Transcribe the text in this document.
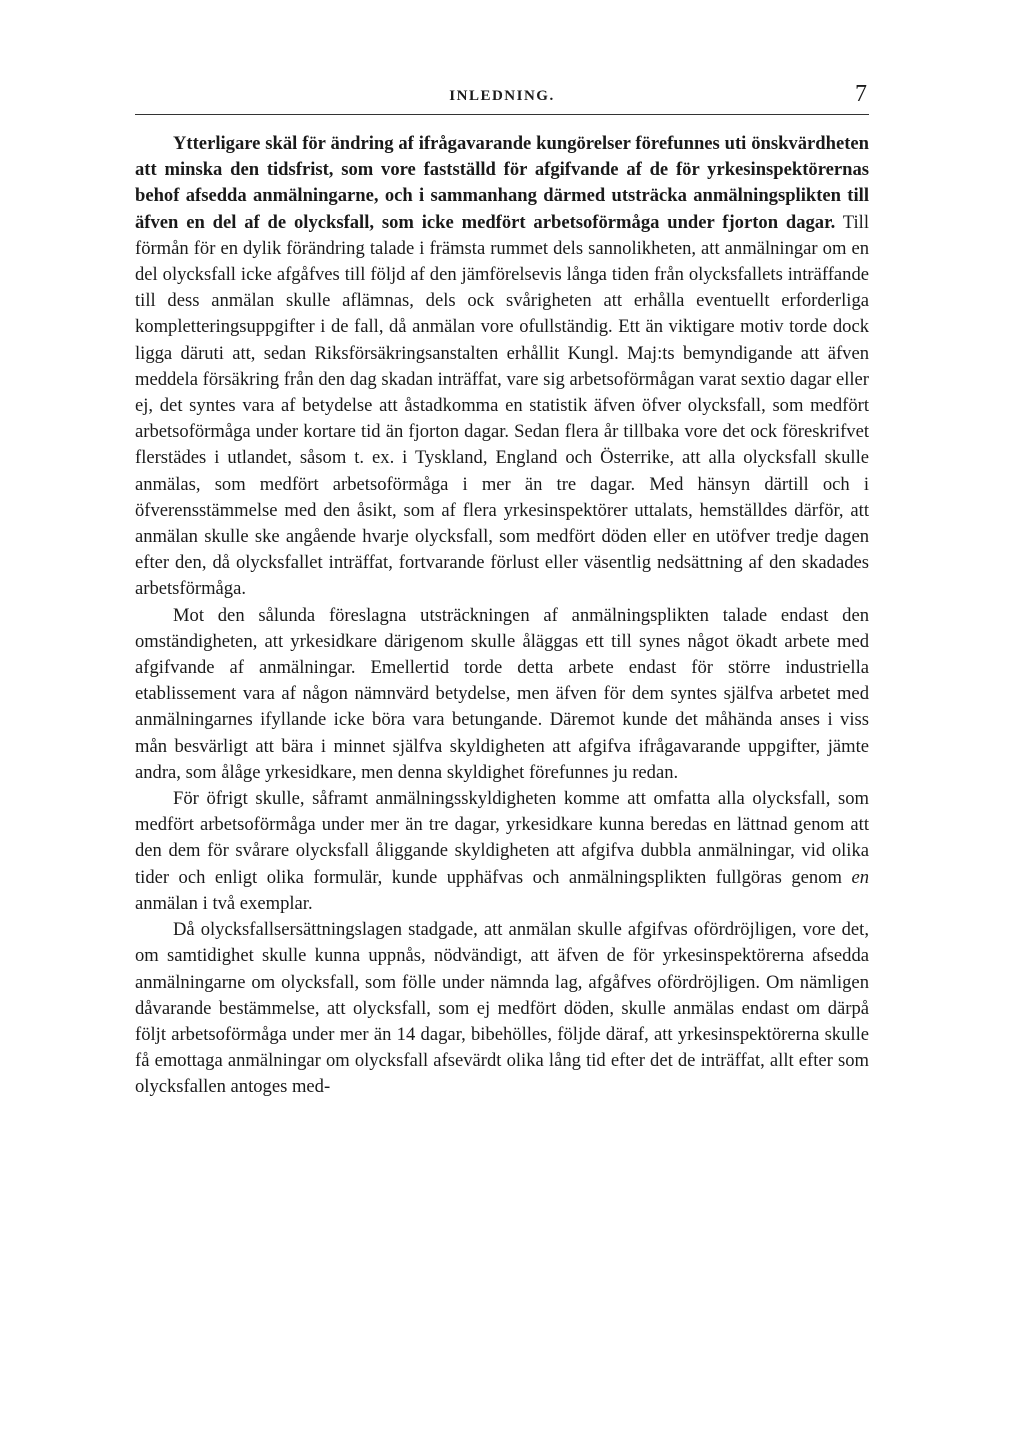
INLEDNING.	7

Ytterligare skäl för ändring af ifrågavarande kungörelser förefunnes uti önskvärdheten att minska den tidsfrist, som vore fastställd för afgifvande af de för yrkesinspektörernas behof afsedda anmälningarne, och i sammanhang därmed utsträcka anmälningsplikten till äfven en del af de olycksfall, som icke medfört arbetsoförmåga under fjorton dagar. Till förmån för en dylik förändring talade i främsta rummet dels sannolikheten, att anmälningar om en del olycksfall icke afgåfves till följd af den jämförelsevis långa tiden från olycksfallets inträffande till dess anmälan skulle aflämnas, dels ock svårigheten att erhålla eventuellt erforderliga kompletteringsuppgifter i de fall, då anmälan vore ofullständig. Ett än viktigare motiv torde dock ligga däruti att, sedan Riksförsäkringsanstalten erhållit Kungl. Maj:ts bemyndigande att äfven meddela försäkring från den dag skadan inträffat, vare sig arbetsoförmågan varat sextio dagar eller ej, det syntes vara af betydelse att åstadkomma en statistik äfven öfver olycksfall, som medfört arbetsoförmåga under kortare tid än fjorton dagar. Sedan flera år tillbaka vore det ock föreskrifvet flerstädes i utlandet, såsom t. ex. i Tyskland, England och Österrike, att alla olycksfall skulle anmälas, som medfört arbetsoförmåga i mer än tre dagar. Med hänsyn därtill och i öfverensstämmelse med den åsikt, som af flera yrkesinspektörer uttalats, hemställdes därför, att anmälan skulle ske angående hvarje olycksfall, som medfört döden eller en utöfver tredje dagen efter den, då olycksfallet inträffat, fortvarande förlust eller väsentlig nedsättning af den skadades arbetsförmåga.

Mot den sålunda föreslagna utsträckningen af anmälningsplikten talade endast den omständigheten, att yrkesidkare därigenom skulle åläggas ett till synes något ökadt arbete med afgifvande af anmälningar. Emellertid torde detta arbete endast för större industriella etablissement vara af någon nämnvärd betydelse, men äfven för dem syntes själfva arbetet med anmälningarnes ifyllande icke böra vara betungande. Däremot kunde det måhända anses i viss mån besvärligt att bära i minnet själfva skyldigheten att afgifva ifrågavarande uppgifter, jämte andra, som ålåge yrkesidkare, men denna skyldighet förefunnes ju redan.

För öfrigt skulle, såframt anmälningsskyldigheten komme att omfatta alla olycksfall, som medfört arbetsoförmåga under mer än tre dagar, yrkesidkare kunna beredas en lättnad genom att den dem för svårare olycksfall åliggande skyldigheten att afgifva dubbla anmälningar, vid olika tider och enligt olika formulär, kunde upphäfvas och anmälningsplikten fullgöras genom en anmälan i två exemplar.

Då olycksfallsersättningslagen stadgade, att anmälan skulle afgifvas ofördröjligen, vore det, om samtidighet skulle kunna uppnås, nödvändigt, att äfven de för yrkesinspektörerna afsedda anmälningarne om olycksfall, som fölle under nämnda lag, afgåfves ofördröjligen. Om nämligen dåvarande bestämmelse, att olycksfall, som ej medfört döden, skulle anmälas endast om därpå följt arbetsoförmåga under mer än 14 dagar, bibehölles, följde däraf, att yrkesinspektörerna skulle få emottaga anmälningar om olycksfall afsevärdt olika lång tid efter det de inträffat, allt efter som olycksfallen antoges med-
